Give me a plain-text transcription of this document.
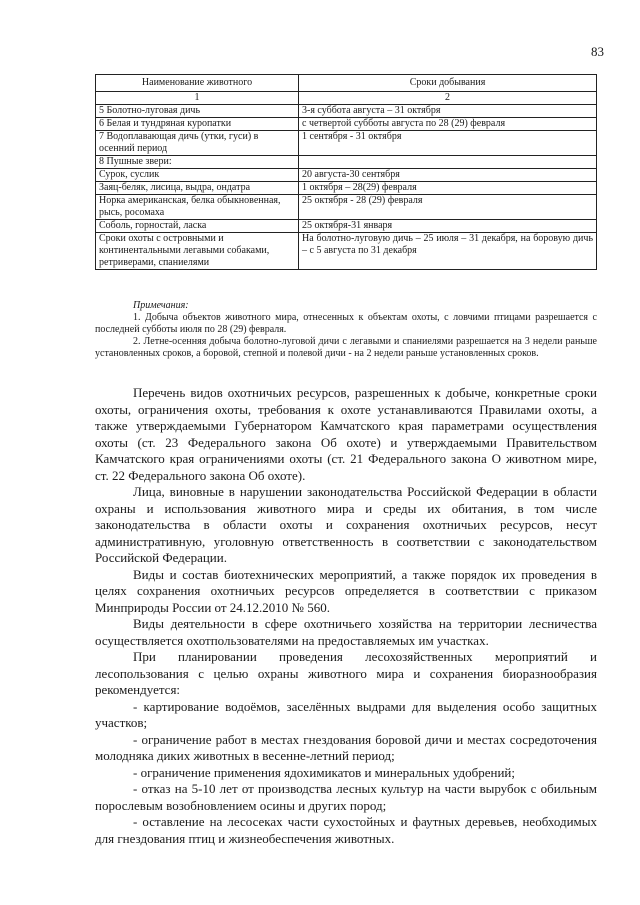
83
Наименование животного	Сроки добывания
1	2
5 Болотно-луговая дичь	3-я суббота августа – 31 октября
6 Белая и тундряная куропатки	с четвертой субботы августа по 28 (29) февраля
7 Водоплавающая дичь (утки, гуси) в осенний период	1 сентября - 31 октября
8 Пушные звери:	
Сурок, суслик	20 августа-30 сентября
Заяц-беляк, лисица, выдра, ондатра	1 октября – 28(29) февраля
Норка американская, белка обыкновенная, рысь, росомаха	25 октября - 28 (29) февраля
Соболь, горностай, ласка	25 октября-31 января
Сроки охоты с островными и континентальными легавыми собаками, ретриверами, спаниелями	На болотно-луговую дичь – 25 июля – 31 декабря, на боровую дичь – с 5 августа по 31 декабря
Примечания:

1. Добыча объектов животного мира, отнесенных к объектам охоты, с ловчими птицами разрешается с последней субботы июля по 28 (29) февраля.

2. Летне-осенняя добыча болотно-луговой дичи с легавыми и спаниелями разрешается на 3 недели раньше установленных сроков, а боровой, степной и полевой дичи - на 2 недели раньше установленных сроков.

Перечень видов охотничьих ресурсов, разрешенных к добыче, конкретные сроки охоты, ограничения охоты, требования к охоте устанавливаются Правилами охоты, а также утверждаемыми Губернатором Камчатского края параметрами осуществления охоты (ст. 23 Федерального закона Об охоте) и утверждаемыми Правительством Камчатского края ограничениями охоты (ст. 21 Федерального закона О животном мире, ст. 22 Федерального закона Об охоте).

Лица, виновные в нарушении законодательства Российской Федерации в области охраны и использования животного мира и среды их обитания, в том числе законодательства в области охоты и сохранения охотничьих ресурсов, несут административную, уголовную ответственность в соответствии с законодательством Российской Федерации.

Виды и состав биотехнических мероприятий, а также порядок их проведения в целях сохранения охотничьих ресурсов определяется в соответствии с приказом Минприроды России от 24.12.2010 № 560.

Виды деятельности в сфере охотничьего хозяйства на территории лесничества осуществляется охотпользователями на предоставляемых им участках.

При планировании проведения лесохозяйственных мероприятий и лесопользования с целью охраны животного мира и сохранения биоразнообразия рекомендуется:

- картирование водоёмов, заселённых выдрами для выделения особо защитных участков;

- ограничение работ в местах гнездования боровой дичи и местах сосредоточения молодняка диких животных в весенне-летний период;

- ограничение применения ядохимикатов и минеральных удобрений;

- отказ на 5-10 лет от производства лесных культур на части вырубок с обильным порослевым возобновлением осины и других пород;

- оставление на лесосеках части сухостойных и фаутных деревьев, необходимых для гнездования птиц и жизнеобеспечения животных.
